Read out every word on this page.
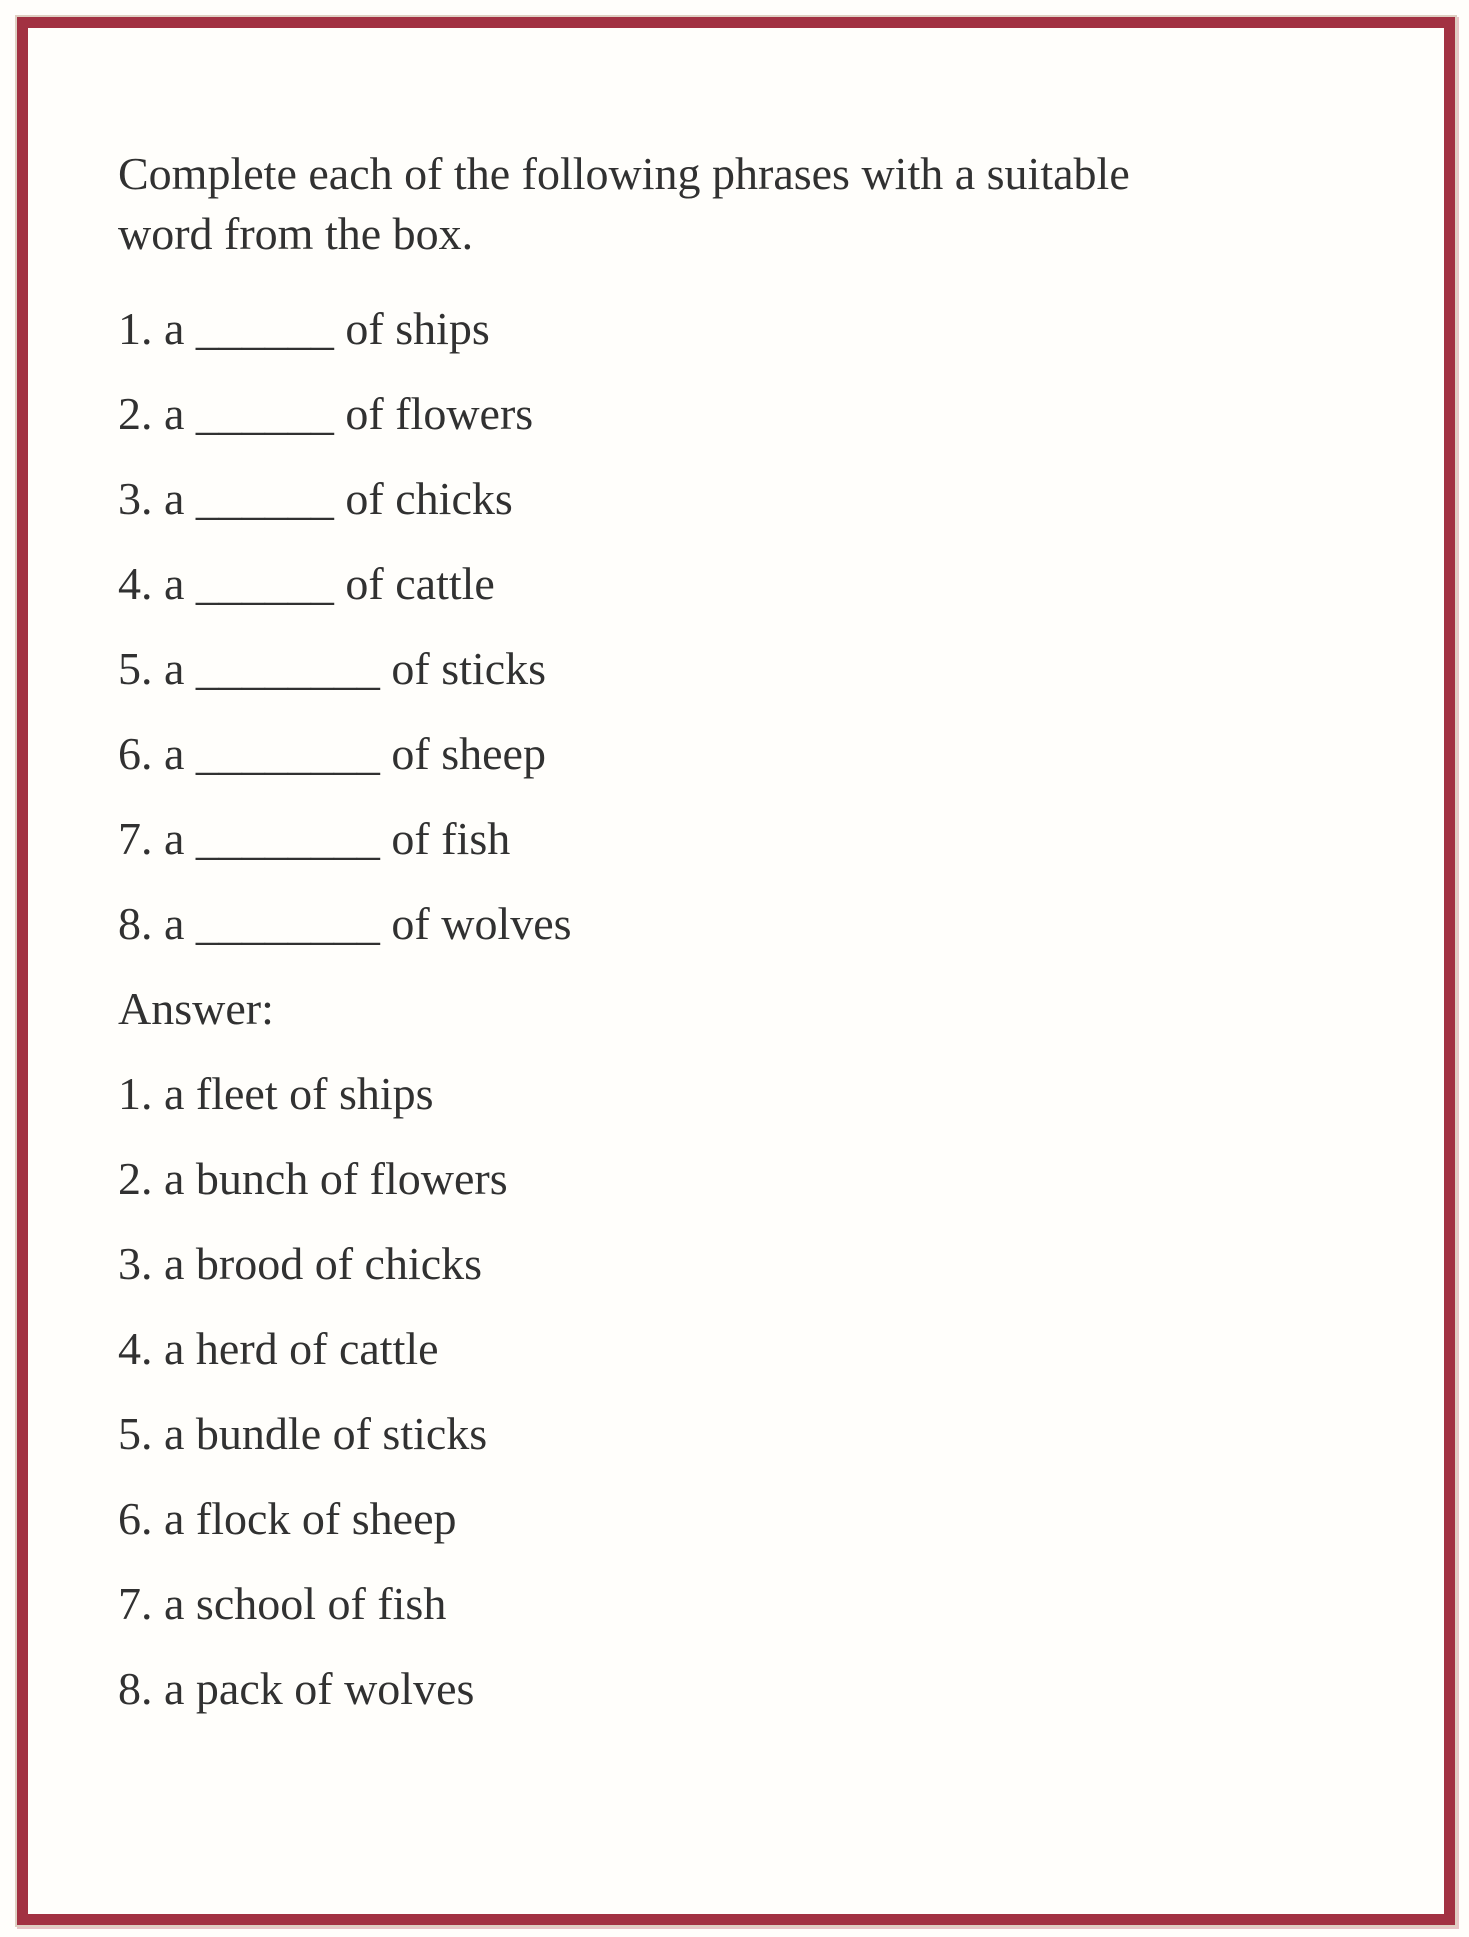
Complete each of the following phrases with a suitable
word from the box.

1. a ______ of ships
2. a ______ of flowers
3. a ______ of chicks
4. a ______ of cattle
5. a ________ of sticks
6. a ________ of sheep
7. a ________ of fish
8. a ________ of wolves

Answer:

1. a fleet of ships
2. a bunch of flowers
3. a brood of chicks
4. a herd of cattle
5. a bundle of sticks
6. a flock of sheep
7. a school of fish
8. a pack of wolves
